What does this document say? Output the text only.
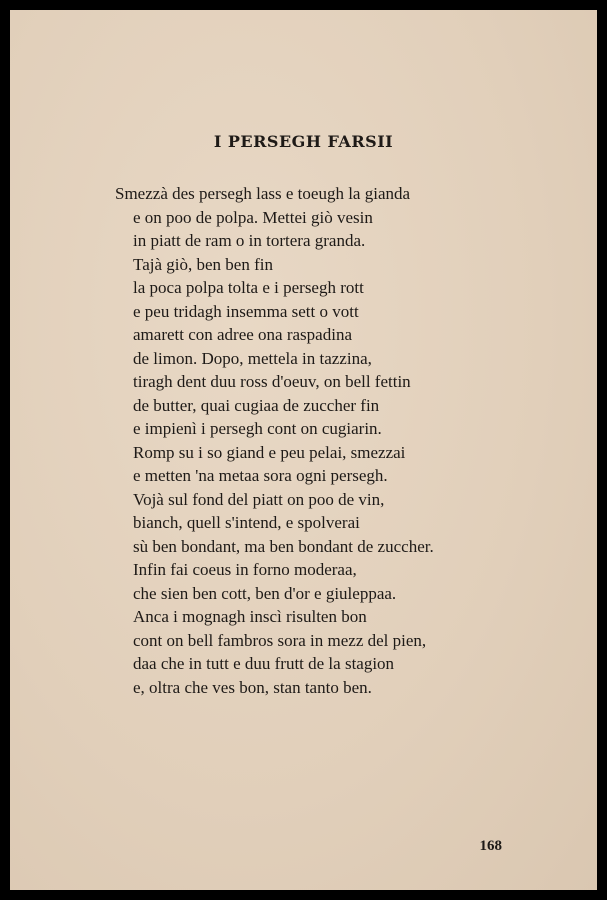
I PERSEGH FARSII
Smezzà des persegh lass e toeugh la gianda
e on poo de polpa. Mettei giò vesin
in piatt de ram o in tortera granda.
Tajà giò, ben ben fin
la poca polpa tolta e i persegh rott
e peu tridagh insemma sett o vott
amarett con adree ona raspadina
de limon. Dopo, mettela in tazzina,
tiragh dent duu ross d'oeuv, on bell fettin
de butter, quai cugiaa de zuccher fin
e impienì i persegh cont on cugiarin.
Romp su i so giand e peu pelai, smezzai
e metten 'na metaa sora ogni persegh.
Vojà sul fond del piatt on poo de vin,
bianch, quell s'intend, e spolverai
sù ben bondant, ma ben bondant de zuccher.
Infin fai coeus in forno moderaa,
che sien ben cott, ben d'or e giuleppaa.
Anca i mognagh inscì risulten bon
cont on bell fambros sora in mezz del pien,
daa che in tutt e duu frutt de la stagion
e, oltra che ves bon, stan tanto ben.
168
